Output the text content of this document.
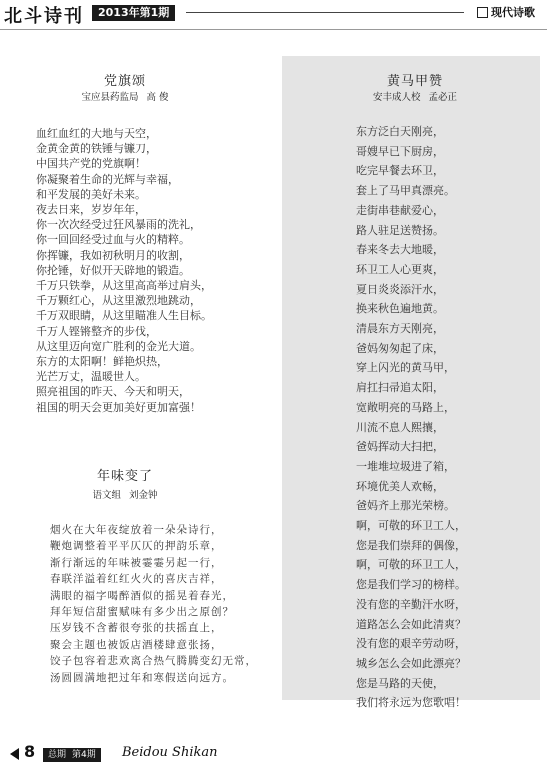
北斗诗刊	2013年第1期	现代诗歌
党旗颂
宝应县药监局 高 俊
血红血红的大地与天空，
金黄金黄的铁锤与镰刀，
中国共产党的党旗啊！
你凝聚着生命的光辉与幸福，
和平发展的美好未来。
夜去日来，岁岁年年，
你一次次经受过狂风暴雨的洗礼，
你一回回经受过血与火的精粹。
你挥镰，我如初秋明月的收割，
你抡锤，好似开天辟地的锻造。
千万只铁拳，从这里高高举过肩头，
千万颗红心，从这里激烈地跳动，
千万双眼睛，从这里瞄准人生目标。
千万人铿锵整齐的步伐，
从这里迈向宽广胜利的金光大道。
东方的太阳啊！鲜艳炽热，
光芒万丈，温暖世人。
照亮祖国的昨天、今天和明天，
祖国的明天会更加美好更加富强！
年味变了
语文组 刘金钟
烟火在大年夜绽放着一朵朵诗行，
鞭炮调整着平平仄仄的押韵乐章，
渐行渐远的年味被霎霎另起一行，
春联洋溢着红红火火的喜庆吉祥，
满眼的福字喝醉酒似的摇晃着春光，
拜年短信甜蜜赋味有多少出之原创？
压岁钱不含蓄很夸张的扶摇直上，
聚会主题也被饭店酒楼肆意张扬，
饺子包容着悲欢离合热气腾腾变幻无常，
汤圆圆满地把过年和寒假送向远方。
黄马甲赞
安丰成人校 孟必正
东方泛白天刚亮，
哥嫂早已下厨房，
吃完早餐去环卫，
套上了马甲真漂亮。
走街串巷献爱心，
路人驻足送赞扬。
春来冬去大地暖，
环卫工人心更爽，
夏日炎炎添汗水，
换来秋色遍地黄。
清晨东方天刚亮，
爸妈匆匆起了床，
穿上闪光的黄马甲，
肩扛扫帚追太阳，
宽敞明亮的马路上，
川流不息人熙攘，
爸妈挥动大扫把，
一堆堆垃圾进了箱，
环境优美人欢畅，
爸妈齐上那光荣榜。
啊，可敬的环卫工人，
您是我们崇拜的偶像，
啊，可敬的环卫工人，
您是我们学习的榜样。
没有您的辛勤汗水呀，
道路怎么会如此清爽？
没有您的艰辛劳动呀，
城乡怎么会如此漂亮？
您是马路的天使，
我们将永远为您歌唱！
8	总期 第4期	Beidou Shikan
